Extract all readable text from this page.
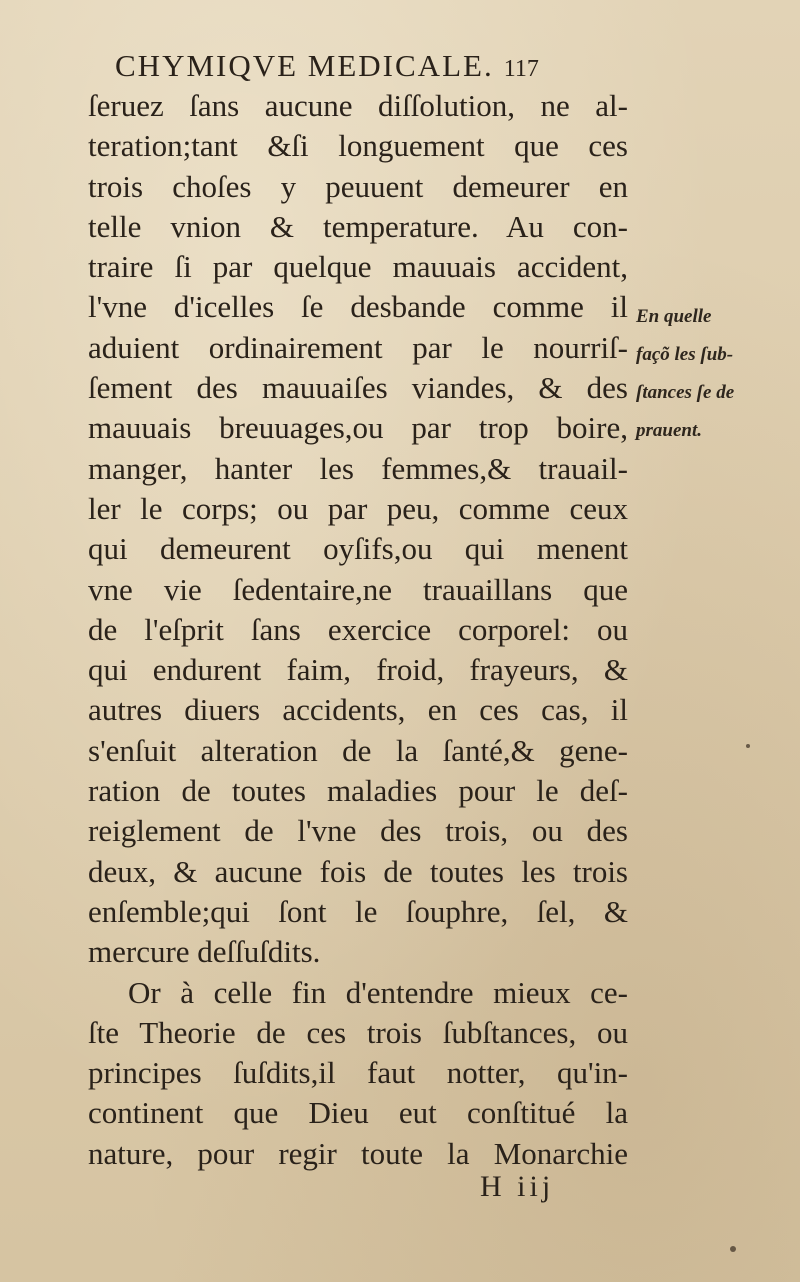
CHYMIQVE MEDICALE. 117
ſeruez ſans aucune diſſolution, ne al-
teration;tant &ſi longuement que ces
trois choſes y peuuent demeurer en
telle vnion & temperature. Au con-
traire ſi par quelque mauuais accident,
l'vne d'icelles ſe desbande comme il
aduient ordinairement par le nourriſ-
ſement des mauuaiſes viandes, & des
mauuais breuuages,ou par trop boire,
manger, hanter les femmes,& trauail-
ler le corps; ou par peu, comme ceux
qui demeurent oyſifs,ou qui menent
vne vie ſedentaire,ne trauaillans que
de l'eſprit ſans exercice corporel: ou
qui endurent faim, froid, frayeurs, &
autres diuers accidents, en ces cas, il
s'enſuit alteration de la ſanté,& gene-
ration de toutes maladies pour le deſ-
reiglement de l'vne des trois, ou des
deux, & aucune fois de toutes les trois
enſemble;qui ſont le ſouphre, ſel, &
mercure deſſuſdits.
Or à celle fin d'entendre mieux ce-
ſte Theorie de ces trois ſubſtances, ou
principes ſuſdits,il faut notter, qu'in-
continent que Dieu eut conſtitué la
nature, pour regir toute la Monarchie
En quelle
façõ les ſub-
ſtances ſe de
prauent.
H iij
